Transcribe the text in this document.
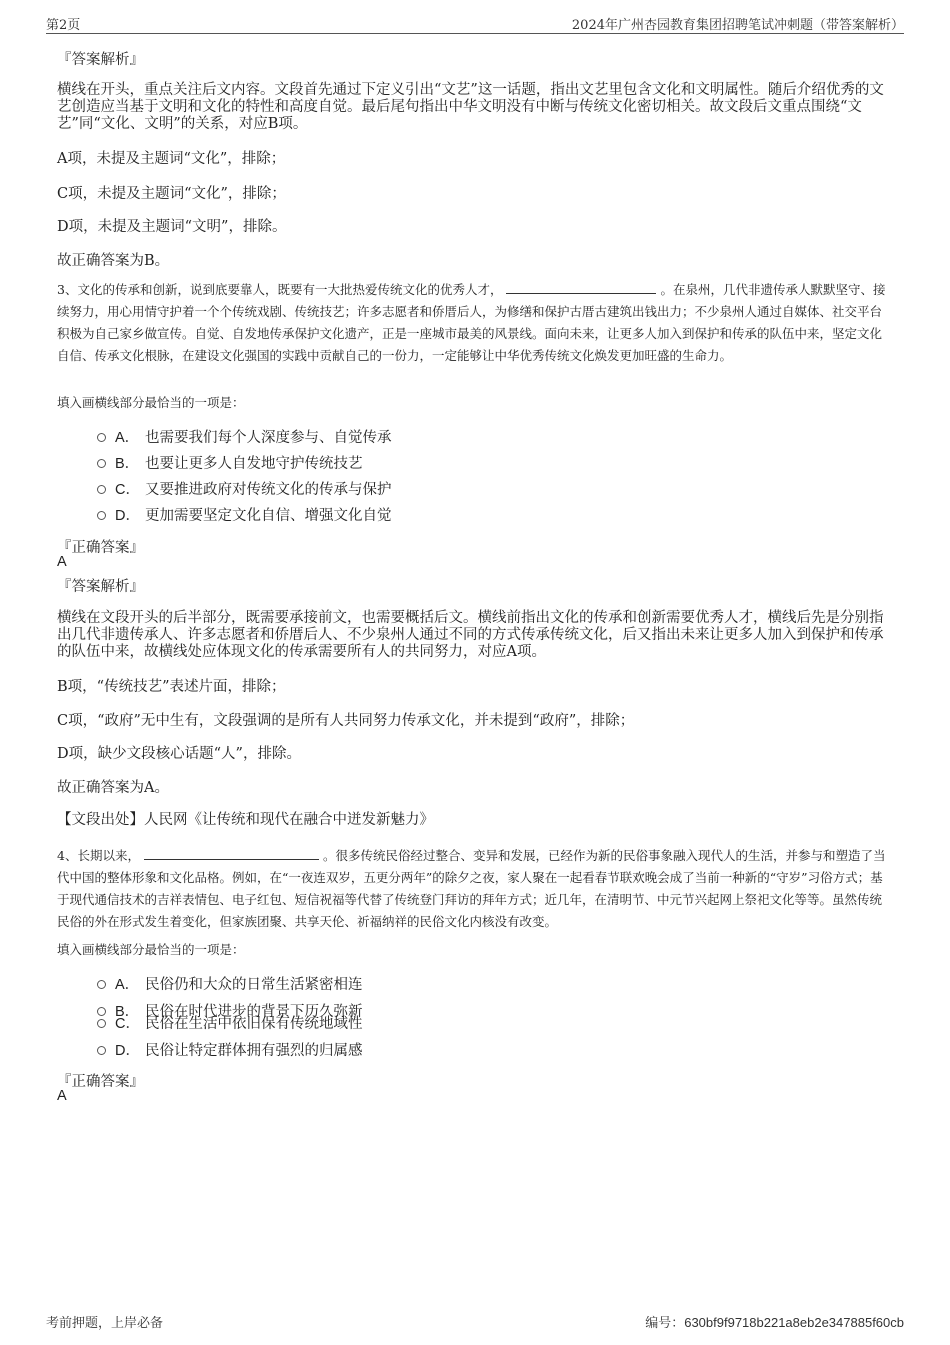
第2页	2024年广州杏园教育集团招聘笔试冲刺题（带答案解析）
『答案解析』
横线在开头，重点关注后文内容。文段首先通过下定义引出“文艺”这一话题，指出文艺里包含文化和文明属性。随后介绍优秀的文艺创造应当基于文明和文化的特性和高度自觉。最后尾句指出中华文明没有中断与传统文化密切相关。故文段后文重点围绕“文艺”同“文化、文明”的关系，对应B项。
A项，未提及主题词“文化”，排除；
C项，未提及主题词“文化”，排除；
D项，未提及主题词“文明”，排除。
故正确答案为B。
3、文化的传承和创新，说到底要靠人，既要有一大批热爱传统文化的优秀人才，	。在泉州，几代非遗传承人默默坚守、接续努力，用心用情守护着一个个传统戏剧、传统技艺；许多志愿者和侨厝后人，为修缮和保护古厝古建筑出钱出力；不少泉州人通过自媒体、社交平台积极为自己家乡做宣传。自觉、自发地传承保护文化遗产，正是一座城市最美的风景线。面向未来，让更多人加入到保护和传承的队伍中来，坚定文化自信、传承文化根脉，在建设文化强国的实践中贡献自己的一份力，一定能够让中华优秀传统文化焕发更加旺盛的生命力。
填入画横线部分最恰当的一项是：
A． 也需要我们每个人深度参与、自觉传承
B． 也要让更多人自发地守护传统技艺
C． 又要推进政府对传统文化的传承与保护
D． 更加需要坚定文化自信、增强文化自觉
『正确答案』
A
『答案解析』
横线在文段开头的后半部分，既需要承接前文，也需要概括后文。横线前指出文化的传承和创新需要优秀人才，横线后先是分别指出几代非遗传承人、许多志愿者和侨厝后人、不少泉州人通过不同的方式传承传统文化，后又指出未来让更多人加入到保护和传承的队伍中来，故横线处应体现文化的传承需要所有人的共同努力，对应A项。
B项，“传统技艺”表述片面，排除；
C项，“政府”无中生有，文段强调的是所有人共同努力传承文化，并未提到“政府”，排除；
D项，缺少文段核心话题“人”，排除。
故正确答案为A。
【文段出处】人民网《让传统和现代在融合中迸发新魅力》
4、长期以来，	。很多传统民俗经过整合、变异和发展，已经作为新的民俗事象融入现代人的生活，并参与和塑造了当代中国的整体形象和文化品格。例如，在“一夜连双岁，五更分两年”的除夕之夜，家人聚在一起看春节联欢晚会成了当前一种新的“守岁”习俗方式；基于现代通信技术的吉祥表情包、电子红包、短信祝福等代替了传统登门拜访的拜年方式；近几年，在清明节、中元节兴起网上祭祀文化等等。虽然传统民俗的外在形式发生着变化，但家族团聚、共享天伦、祈福纳祥的民俗文化内核没有改变。
填入画横线部分最恰当的一项是：
A． 民俗仍和大众的日常生活紧密相连
B． 民俗在时代进步的背景下历久弥新
C． 民俗在生活中依旧保有传统地域性
D． 民俗让特定群体拥有强烈的归属感
『正确答案』
A
考前押题，上岸必备	编号：630bf9f9718b221a8eb2e347885f60cb
